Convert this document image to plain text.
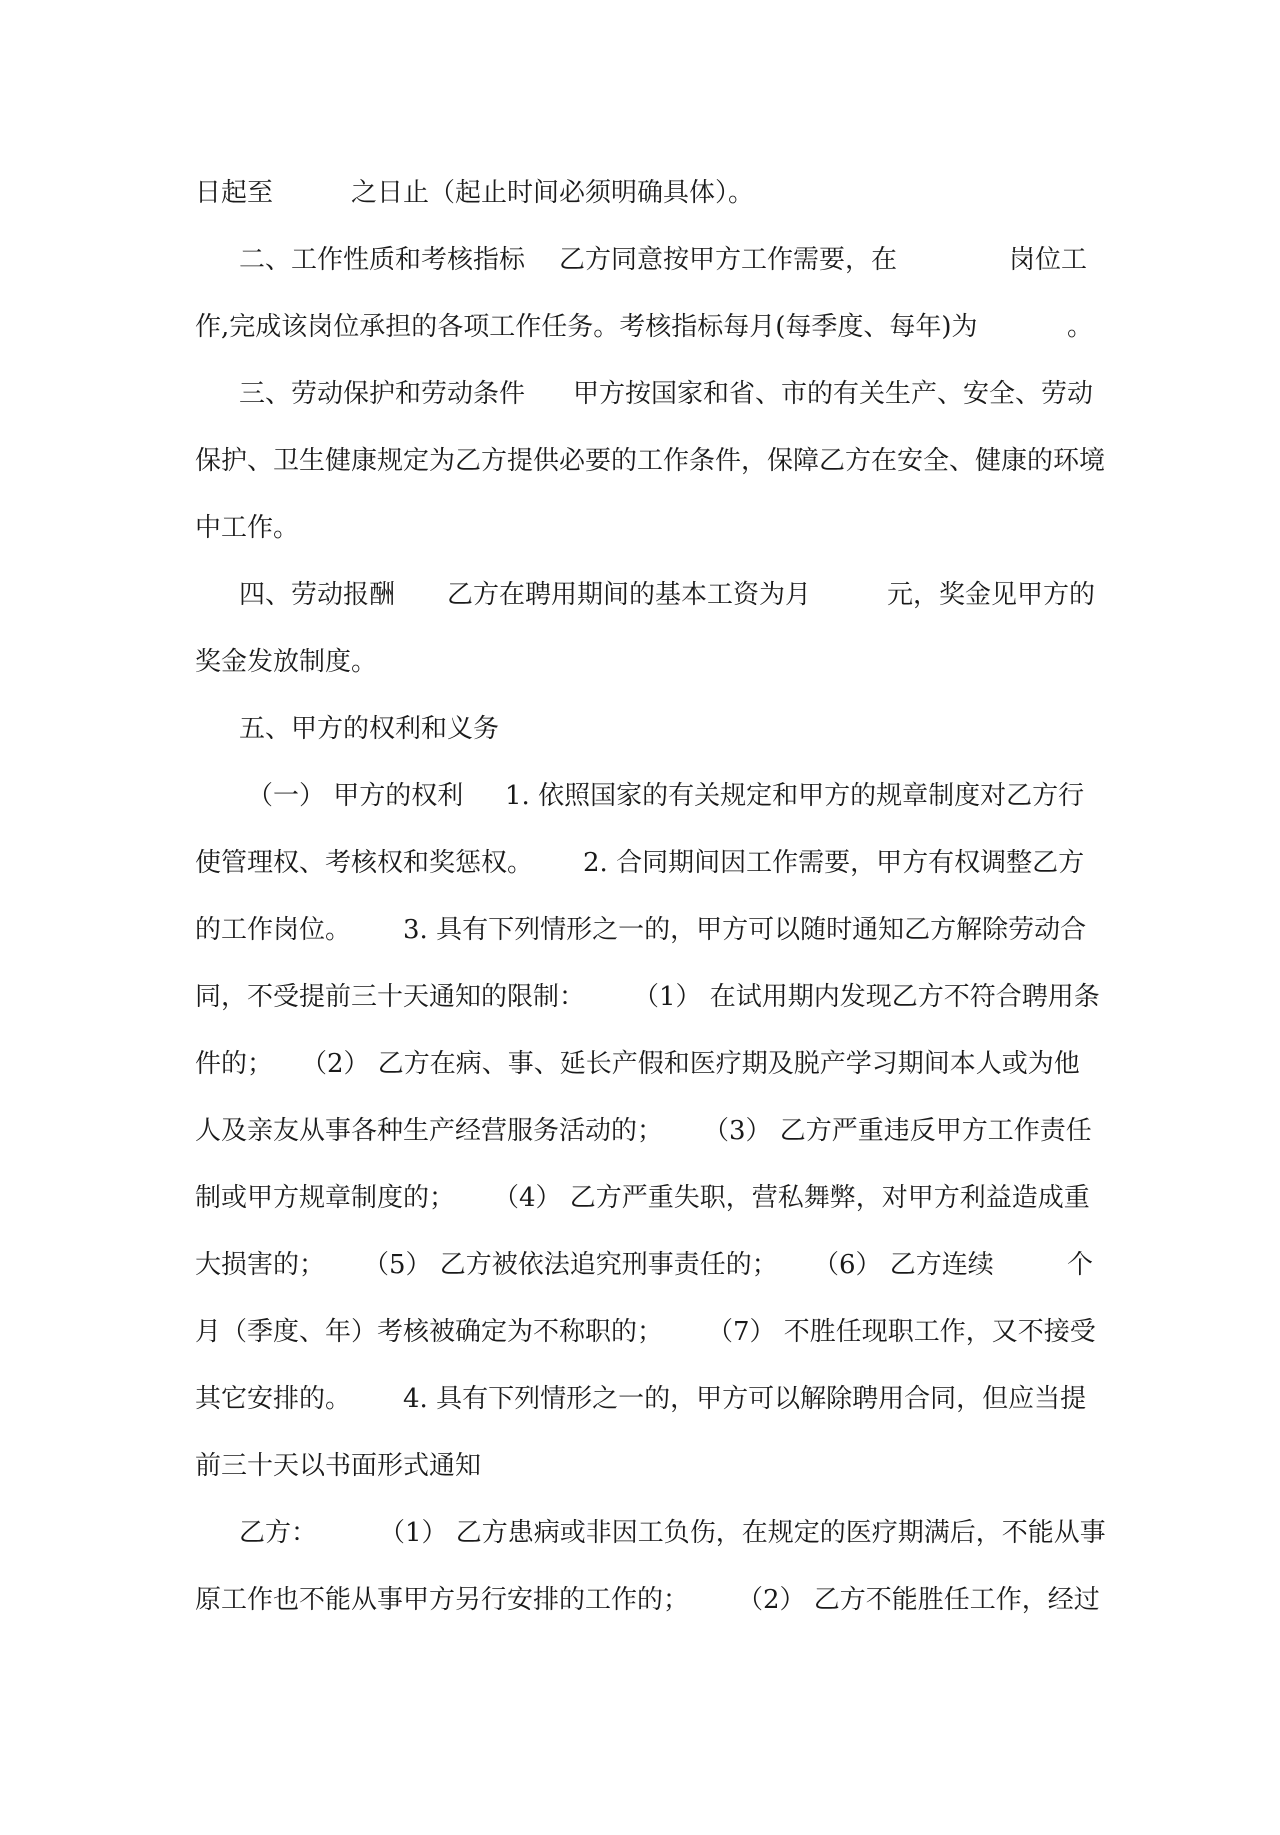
日起至

	之日止（起止时间必须明确具体）。

二、工作性质和考核指标

乙方同意按甲方工作需要，在

	岗位工

作,完成该岗位承担的各项工作任务。考核指标每月(每季度、每年)为

	。

三、劳动保护和劳动条件

甲方按国家和省、市的有关生产、安全、劳动

保护、卫生健康规定为乙方提供必要的工作条件，保障乙方在安全、健康的环境

中工作。

四、劳动报酬

乙方在聘用期间的基本工资为月

	元，奖金见甲方的

奖金发放制度。

五、甲方的权利和义务

（一） 甲方的权利

1. 依照国家的有关规定和甲方的规章制度对乙方行

使管理权、考核权和奖惩权。

2. 合同期间因工作需要，甲方有权调整乙方

的工作岗位。

3. 具有下列情形之一的，甲方可以随时通知乙方解除劳动合

同，不受提前三十天通知的限制：

（1） 在试用期内发现乙方不符合聘用条

件的；

（2） 乙方在病、事、延长产假和医疗期及脱产学习期间本人或为他

人及亲友从事各种生产经营服务活动的；

（3） 乙方严重违反甲方工作责任

制或甲方规章制度的；

（4） 乙方严重失职，营私舞弊，对甲方利益造成重

大损害的；

（5） 乙方被依法追究刑事责任的；

（6） 乙方连续

	个

月（季度、年）考核被确定为不称职的；

（7） 不胜任现职工作，又不接受

其它安排的。

4. 具有下列情形之一的，甲方可以解除聘用合同，但应当提

前三十天以书面形式通知

乙方：

（1） 乙方患病或非因工负伤，在规定的医疗期满后，不能从事

原工作也不能从事甲方另行安排的工作的；

（2） 乙方不能胜任工作，经过
